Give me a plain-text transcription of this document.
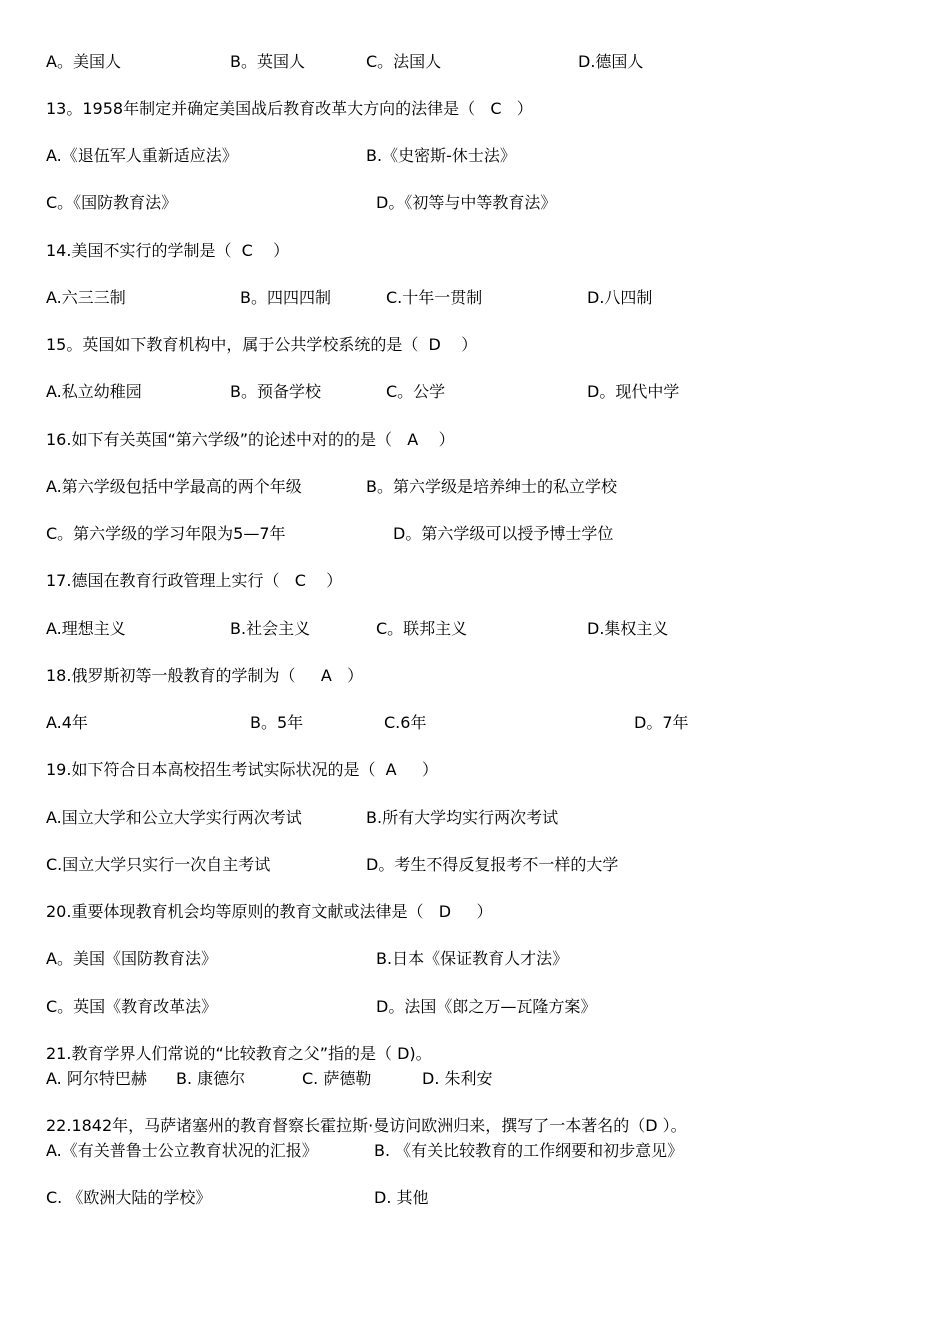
A。美国人	B。英国人	C。法国人	D.德国人
13。1958年制定并确定美国战后教育改革大方向的法律是（   C   ）
A.《退伍军人重新适应法》	B.《史密斯-休士法》
C。《国防教育法》	D。《初等与中等教育法》
14.美国不实行的学制是（  C    ）
A.六三三制	B。四四四制	C.十年一贯制	D.八四制
15。英国如下教育机构中，属于公共学校系统的是（  D    ）
A.私立幼稚园	B。预备学校	C。公学	D。现代中学
16.如下有关英国“第六学级”的论述中对的的是（   A    ）
A.第六学级包括中学最高的两个年级	B。第六学级是培养绅士的私立学校
C。第六学级的学习年限为5—7年	D。第六学级可以授予博士学位
17.德国在教育行政管理上实行（   C    ）
A.理想主义	B.社会主义	C。联邦主义	D.集权主义
18.俄罗斯初等一般教育的学制为（     A   ）
A.4年	B。5年	C.6年	D。7年
19.如下符合日本高校招生考试实际状况的是（  A     ）
A.国立大学和公立大学实行两次考试	B.所有大学均实行两次考试
C.国立大学只实行一次自主考试	D。考生不得反复报考不一样的大学
20.重要体现教育机会均等原则的教育文献或法律是（   D     ）
A。美国《国防教育法》	B.日本《保证教育人才法》
C。英国《教育改革法》	D。法国《郎之万—瓦隆方案》
21.教育学界人们常说的“比较教育之父”指的是（ D)。
A. 阿尔特巴赫 B. 康德尔	C. 萨德勒	D. 朱利安
22.1842年，马萨诸塞州的教育督察长霍拉斯·曼访问欧洲归来，撰写了一本著名的（D ）。
A.《有关普鲁士公立教育状况的汇报》	B. 《有关比较教育的工作纲要和初步意见》
C. 《欧洲大陆的学校》	D. 其他
